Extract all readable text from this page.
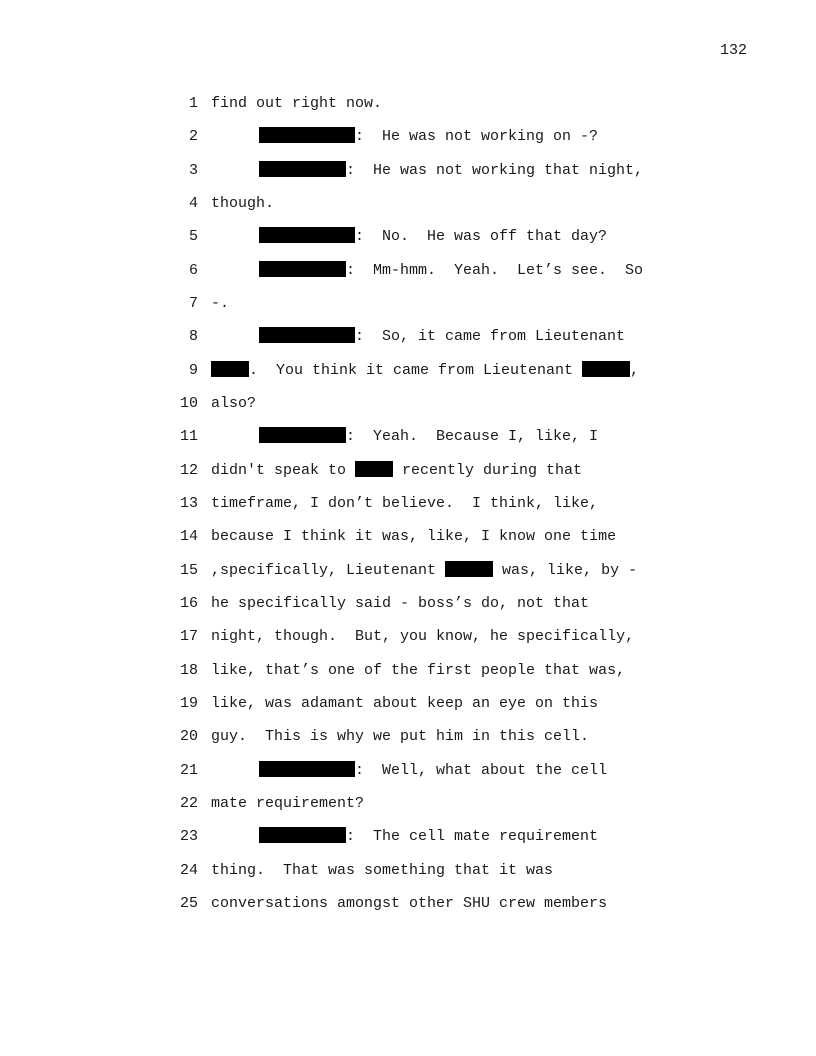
132

1

find out right now.

2

	:  He was not working on -?

3

	:  He was not working that night,

4

though.

5

	:  No.  He was off that day?

6

	:  Mm-hmm.  Yeah.  Let’s see.  So

7

-.

8

	:  So, it came from Lieutenant

9

	.  You think it came from Lieutenant	,

10

also?

11

	:  Yeah.  Because I, like, I

12

didn't speak to	recently during that

13

timeframe, I don’t believe.  I think, like,

14

because I think it was, like, I know one time

15

,specifically, Lieutenant	was, like, by -

16

he specifically said - boss’s do, not that

17

night, though.  But, you know, he specifically,

18

like, that’s one of the first people that was,

19

like, was adamant about keep an eye on this

20

guy.  This is why we put him in this cell.

21

	:  Well, what about the cell

22

mate requirement?

23

	:  The cell mate requirement

24

thing.  That was something that it was

25

conversations amongst other SHU crew members
